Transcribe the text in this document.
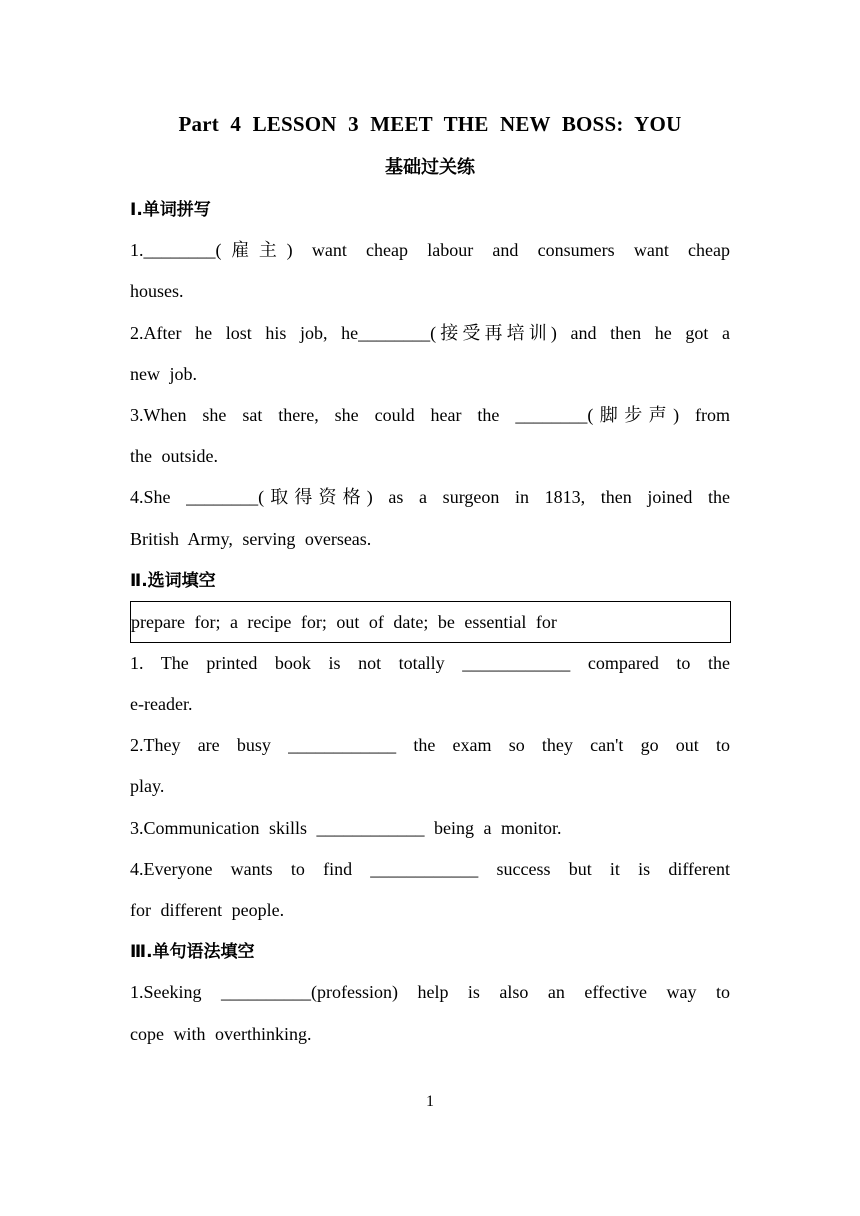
Part 4 LESSON 3 MEET THE NEW BOSS: YOU
基础过关练
Ⅰ.单词拼写
1.________(雇主) want cheap labour and consumers want cheap
houses.
2.After he lost his job, he________(接受再培训) and then he got a
new job.
3.When she sat there, she could hear the ________(脚步声) from
the outside.
4.She ________(取得资格) as a surgeon in 1813, then joined the
British Army, serving overseas.
Ⅱ.选词填空
prepare for; a recipe for; out of date; be essential for
1. The printed book is not totally ____________ compared to the
e-reader.
2.They are busy ____________ the exam so they can't go out to
play.
3.Communication skills ____________ being a monitor.
4.Everyone wants to find ____________ success but it is different
for different people.
Ⅲ.单句语法填空
1.Seeking __________(profession) help is also an effective way to
cope with overthinking.
1
